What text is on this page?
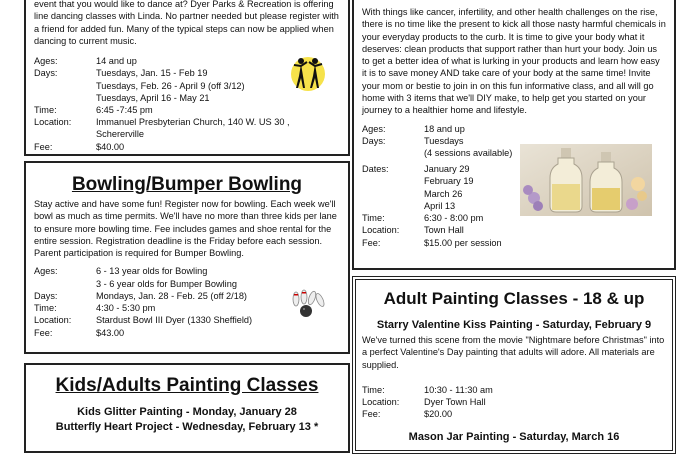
event that you would like to dance at? Dyer Parks & Recreation is offering line dancing classes with Linda. No partner needed but please register with a friend for added fun. Many of the typical steps can now be applied when dancing to current music.

Ages:	14 and up
Days:	Tuesdays, Jan. 15 - Feb 19
Tuesdays, Feb. 26 - April 9 (off 3/12)
Tuesdays, April 16 - May 21
Time:	6:45 -7:45 pm
Location:	Immanuel Presbyterian Church, 140 W. US 30 , Schererville
Fee:	$40.00
Bowling/Bumper Bowling

Stay active and have some fun! Register now for bowling. Each week we'll bowl as much as time permits. We'll have no more than three kids per lane to ensure more bowling time. Fee includes games and shoe rental for the entire session. Registration deadline is the Friday before each session. Parent participation is required for Bumper Bowling.

Ages:	6 - 13 year olds for Bowling
3 - 6 year olds for Bumper Bowling
Days:	Mondays, Jan. 28 - Feb. 25 (off 2/18)
Time:	4:30 - 5:30 pm
Location:	Stardust Bowl III Dyer (1330 Sheffield)
Fee:	$43.00
Kids/Adults Painting Classes
Kids Glitter Painting - Monday, January 28
Butterfly Heart Project - Wednesday, February 13 *

With things like cancer, infertility, and other health challenges on the rise, there is no time like the present to kick all those nasty harmful chemicals in your everyday products to the curb. It is time to give your body what it deserves: clean products that support rather than hurt your body. Join us to get a better idea of what is lurking in your products and learn how easy it is to save money AND take care of your body at the same time! Invite your mom or bestie to join in on this fun informative class, and all will go home with 3 items that we'll DIY make, to help get you started on your journey to a healthier home and lifestyle.

Ages:	18 and up
Days:	Tuesdays
(4 sessions available)
Dates:	January 29
February 19
March 26
April 13
Time:	6:30 - 8:00 pm
Location:	Town Hall
Fee:	$15.00 per session
Adult Painting Classes - 18 & up
Starry Valentine Kiss Painting - Saturday, February 9

We've turned this scene from the movie "Nightmare before Christmas" into a perfect Valentine's Day painting that adults will adore. All materials are supplied.

Time:	10:30 - 11:30 am
Location:	Dyer Town Hall
Fee:	$20.00
Mason Jar Painting - Saturday, March 16
